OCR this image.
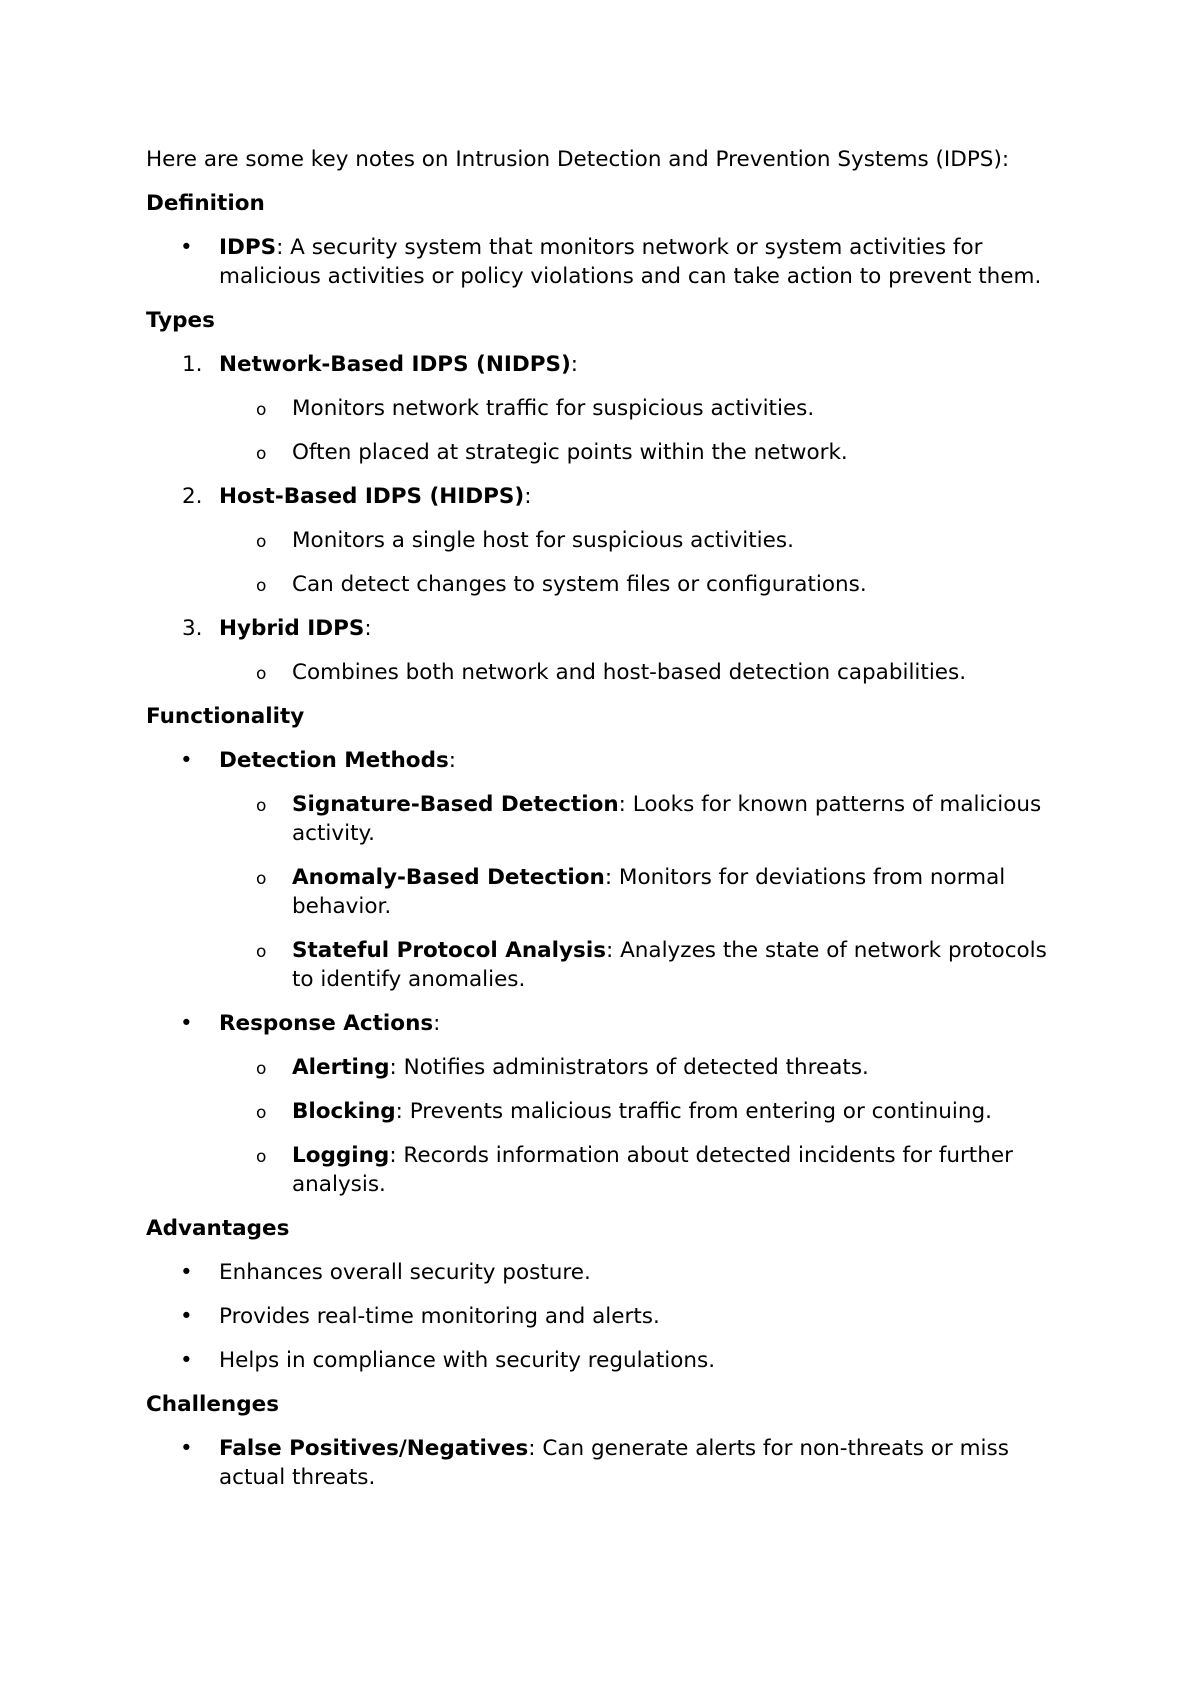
Here are some key notes on Intrusion Detection and Prevention Systems (IDPS):

Definition

• IDPS: A security system that monitors network or system activities for malicious activities or policy violations and can take action to prevent them.

Types

1. Network-Based IDPS (NIDPS):
o Monitors network traffic for suspicious activities.
o Often placed at strategic points within the network.
2. Host-Based IDPS (HIDPS):
o Monitors a single host for suspicious activities.
o Can detect changes to system files or configurations.
3. Hybrid IDPS:
o Combines both network and host-based detection capabilities.

Functionality

• Detection Methods:
o Signature-Based Detection: Looks for known patterns of malicious activity.
o Anomaly-Based Detection: Monitors for deviations from normal behavior.
o Stateful Protocol Analysis: Analyzes the state of network protocols to identify anomalies.
• Response Actions:
o Alerting: Notifies administrators of detected threats.
o Blocking: Prevents malicious traffic from entering or continuing.
o Logging: Records information about detected incidents for further analysis.

Advantages

• Enhances overall security posture.
• Provides real-time monitoring and alerts.
• Helps in compliance with security regulations.

Challenges

• False Positives/Negatives: Can generate alerts for non-threats or miss actual threats.
